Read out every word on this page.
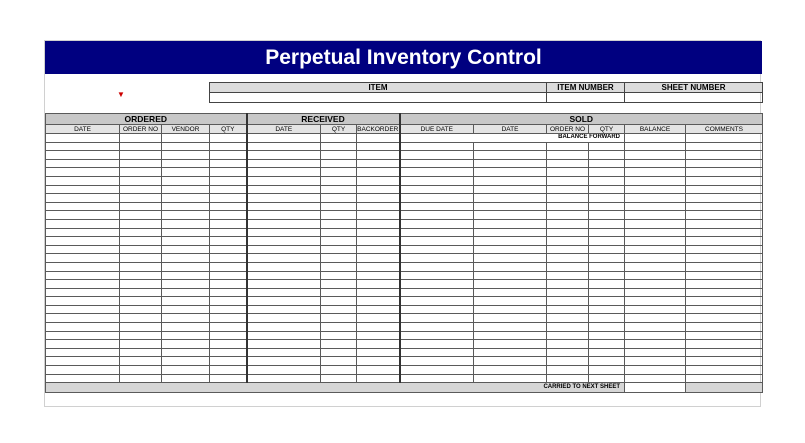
Perpetual Inventory Control
▼
ITEM	ITEM NUMBER	SHEET NUMBER

ORDERED				RECEIVED			SOLD					
DATE	ORDER NO	VENDOR	QTY	DATE	QTY	BACKORDER	DUE DATE	DATE	ORDER NO	QTY	BALANCE	COMMENTS
							BALANCE FORWARD					

CARRIED TO NEXT SHEET												
